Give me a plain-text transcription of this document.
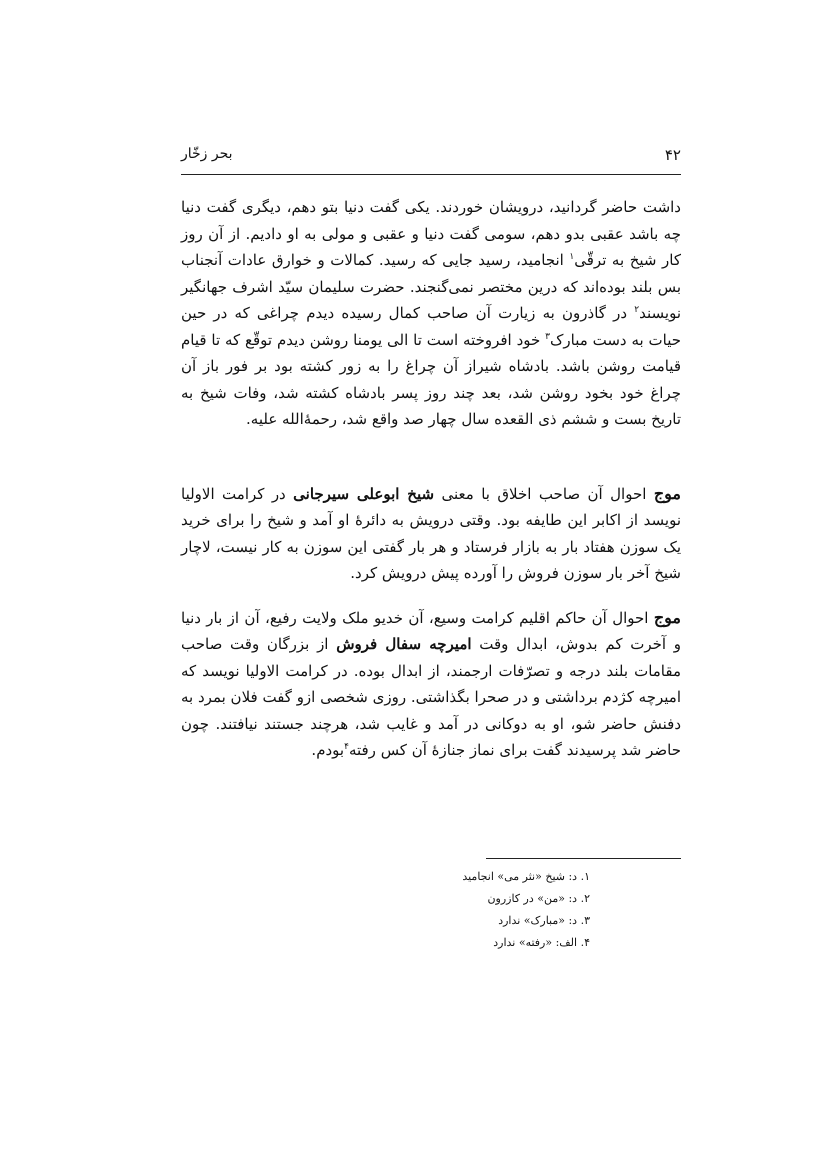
۴۲
بحر زخّار

داشت حاضر گردانید، درویشان خوردند. یکی گفت دنیا بتو دهم، دیگری گفت دنیا چه باشد عقبی بدو دهم، سومی گفت دنیا و عقبی و مولی به او دادیم. از آن روز کار شیخ به ترقّی$^۱$ انجامید، رسید جایی که رسید. کمالات و خوارق عادات آنجناب بس بلند بوده‌اند که درین مختصر نمی‌گنجند. حضرت سلیمان سیّد اشرف جهانگیر نویسند$^۲$ در گاذرون به زیارت آن صاحب کمال رسیده دیدم چراغی که در حین حیات به دست مبارک$^۳$ خود افروخته است تا الی یومنا روشن دیدم توقّع که تا قیام قیامت روشن باشد. بادشاه شیراز آن چراغ را به زور کشته بود بر فور باز آن چراغ خود بخود روشن شد، بعد چند روز پسر بادشاه کشته شد، وفات شیخ به تاریخ بست و ششم ذی القعده سال چهار صد واقع شد، رحمۀالله علیه.

موج احوال آن صاحب اخلاق با معنی شیخ ابوعلی سیرجانی در کرامت الاولیا نویسد از اکابر این طایفه بود. وقتی درویش به دائرۀ او آمد و شیخ را برای خرید یک سوزن هفتاد بار به بازار فرستاد و هر بار گفتی این سوزن به کار نیست، لاچار شیخ آخر بار سوزن فروش را آورده پیش درویش کرد.

موج احوال آن حاکم اقلیم کرامت وسیع، آن خدیو ملک ولایت رفیع، آن از بار دنیا و آخرت کم بدوش، ابدال وقت امیرچه سفال فروش از بزرگان وقت صاحب مقامات بلند درجه و تصرّفات ارجمند، از ابدال بوده. در کرامت الاولیا نویسد که امیرچه کژدم برداشتی و در صحرا بگذاشتی. روزی شخصی ازو گفت فلان بمرد به دفنش حاضر شو، او به دوکانی در آمد و غایب شد، هرچند جستند نیافتند. چون حاضر شد پرسیدند گفت برای نماز جنازۀ آن کس رفته$^۴$بودم.

۱. د: شیخ «نثر می» انجامید
۲. د: «من» در کازرون
۳. د: «مبارک» ندارد
۴. الف: «رفته» ندارد
